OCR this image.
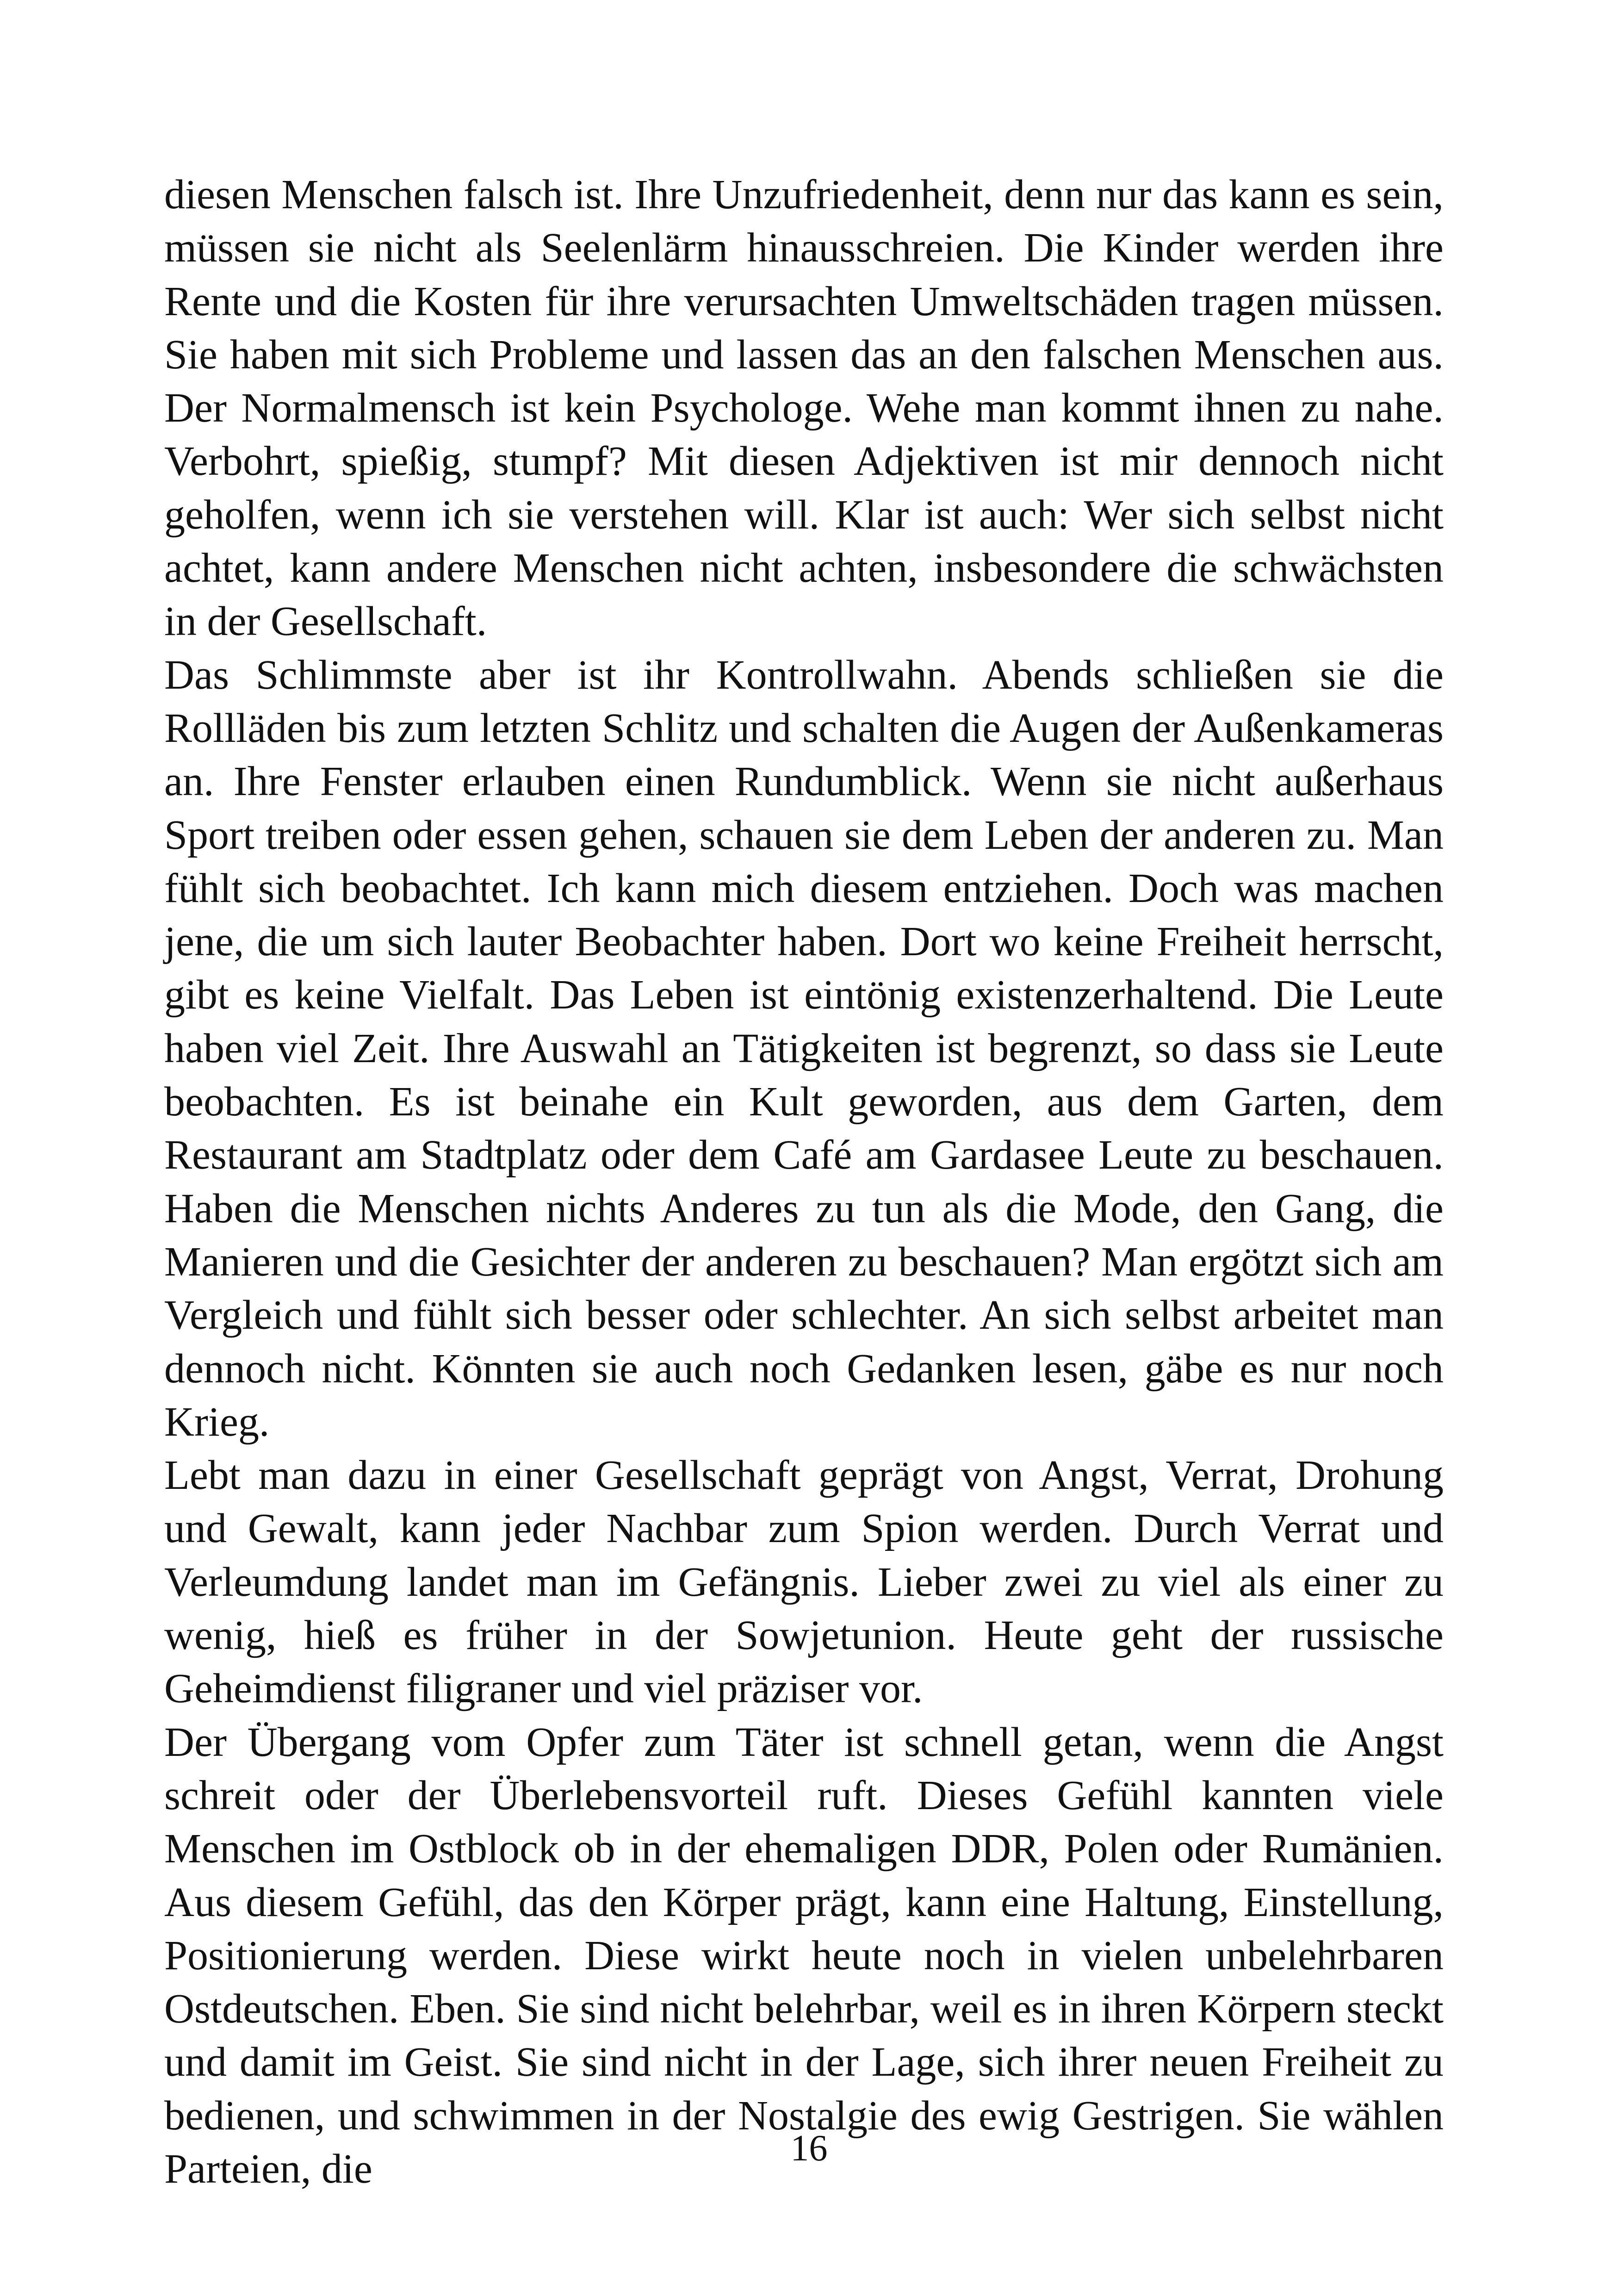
diesen Menschen falsch ist. Ihre Unzufriedenheit, denn nur das kann es sein, müssen sie nicht als Seelenlärm hinausschreien. Die Kinder werden ihre Rente und die Kosten für ihre verursachten Umweltschäden tragen müssen. Sie haben mit sich Probleme und lassen das an den falschen Menschen aus. Der Normalmensch ist kein Psychologe. Wehe man kommt ihnen zu nahe. Verbohrt, spießig, stumpf? Mit diesen Adjektiven ist mir dennoch nicht geholfen, wenn ich sie verstehen will. Klar ist auch: Wer sich selbst nicht achtet, kann andere Menschen nicht achten, insbesondere die schwächsten in der Gesellschaft.

Das Schlimmste aber ist ihr Kontrollwahn. Abends schließen sie die Rollläden bis zum letzten Schlitz und schalten die Augen der Außenkameras an. Ihre Fenster erlauben einen Rundumblick. Wenn sie nicht außerhaus Sport treiben oder essen gehen, schauen sie dem Leben der anderen zu. Man fühlt sich beobachtet. Ich kann mich diesem entziehen. Doch was machen jene, die um sich lauter Beobachter haben. Dort wo keine Freiheit herrscht, gibt es keine Vielfalt. Das Leben ist eintönig existenzerhaltend. Die Leute haben viel Zeit. Ihre Auswahl an Tätigkeiten ist begrenzt, so dass sie Leute beobachten. Es ist beinahe ein Kult geworden, aus dem Garten, dem Restaurant am Stadtplatz oder dem Café am Gardasee Leute zu beschauen. Haben die Menschen nichts Anderes zu tun als die Mode, den Gang, die Manieren und die Gesichter der anderen zu beschauen? Man ergötzt sich am Vergleich und fühlt sich besser oder schlechter. An sich selbst arbeitet man dennoch nicht. Könnten sie auch noch Gedanken lesen, gäbe es nur noch Krieg.

Lebt man dazu in einer Gesellschaft geprägt von Angst, Verrat, Drohung und Gewalt, kann jeder Nachbar zum Spion werden. Durch Verrat und Verleumdung landet man im Gefängnis. Lieber zwei zu viel als einer zu wenig, hieß es früher in der Sowjetunion. Heute geht der russische Geheimdienst filigraner und viel präziser vor.

Der Übergang vom Opfer zum Täter ist schnell getan, wenn die Angst schreit oder der Überlebensvorteil ruft. Dieses Gefühl kannten viele Menschen im Ostblock ob in der ehemaligen DDR, Polen oder Rumänien. Aus diesem Gefühl, das den Körper prägt, kann eine Haltung, Einstellung, Positionierung werden. Diese wirkt heute noch in vielen unbelehrbaren Ostdeutschen. Eben. Sie sind nicht belehrbar, weil es in ihren Körpern steckt und damit im Geist. Sie sind nicht in der Lage, sich ihrer neuen Freiheit zu bedienen, und schwimmen in der Nostalgie des ewig Gestrigen. Sie wählen Parteien, die	16
